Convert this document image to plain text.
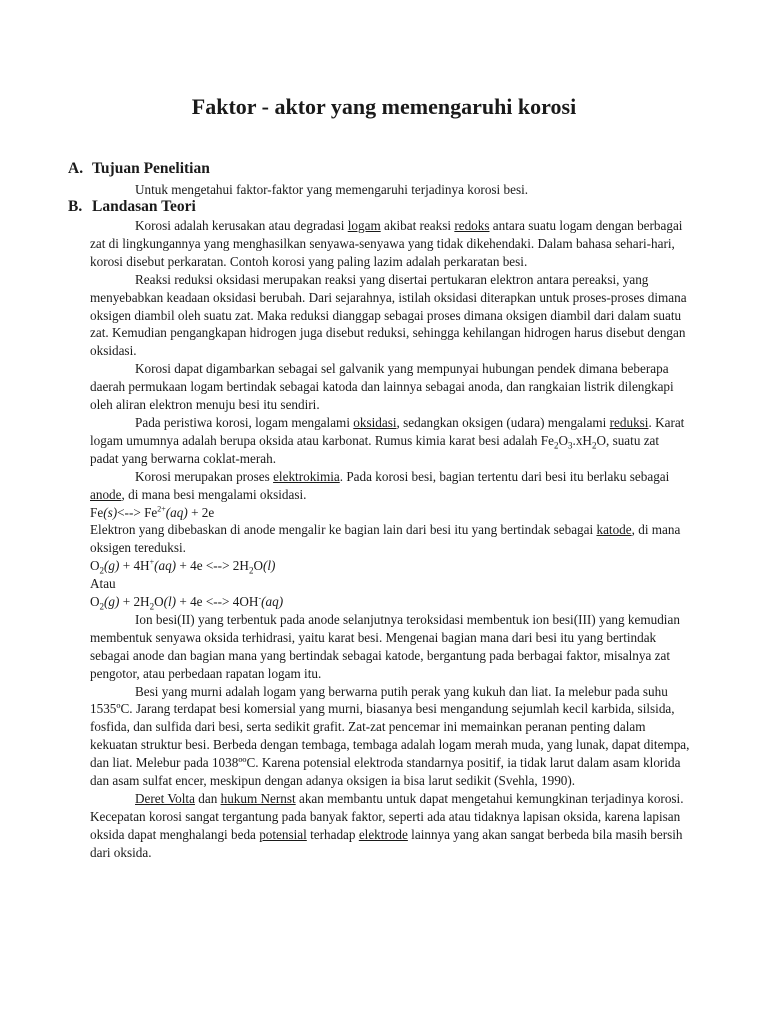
Faktor - aktor yang memengaruhi korosi
A. Tujuan Penelitian

Untuk mengetahui faktor-faktor yang memengaruhi terjadinya korosi besi.

B. Landasan Teori

Korosi adalah kerusakan atau degradasi logam akibat reaksi redoks antara suatu logam dengan berbagai zat di lingkungannya yang menghasilkan senyawa-senyawa yang tidak dikehendaki. Dalam bahasa sehari-hari, korosi disebut perkaratan. Contoh korosi yang paling lazim adalah perkaratan besi.

Reaksi reduksi oksidasi merupakan reaksi yang disertai pertukaran elektron antara pereaksi, yang menyebabkan keadaan oksidasi berubah. Dari sejarahnya, istilah oksidasi diterapkan untuk proses-proses dimana oksigen diambil oleh suatu zat. Maka reduksi dianggap sebagai proses dimana oksigen diambil dari dalam suatu zat. Kemudian pengangkapan hidrogen juga disebut reduksi, sehingga kehilangan hidrogen harus disebut dengan oksidasi.

Korosi dapat digambarkan sebagai sel galvanik yang mempunyai hubungan pendek dimana beberapa daerah permukaan logam bertindak sebagai katoda dan lainnya sebagai anoda, dan rangkaian listrik dilengkapi oleh aliran elektron menuju besi itu sendiri.

Pada peristiwa korosi, logam mengalami oksidasi, sedangkan oksigen (udara) mengalami reduksi. Karat logam umumnya adalah berupa oksida atau karbonat. Rumus kimia karat besi adalah $Fe_2O_3.xH_2O$, suatu zat padat yang berwarna coklat-merah.

Korosi merupakan proses elektrokimia. Pada korosi besi, bagian tertentu dari besi itu berlaku sebagai anode, di mana besi mengalami oksidasi.

$Fe(s)<--> Fe^{2+}(aq) + 2e$

Elektron yang dibebaskan di anode mengalir ke bagian lain dari besi itu yang bertindak sebagai katode, di mana oksigen tereduksi.

$O_2(g) + 4H^+(aq) + 4e$ <--> $2H_2O(l)$

Atau

$O_2(g) + 2H_2O(l) + 4e$ <--> 4OH-(aq)

Ion besi(II) yang terbentuk pada anode selanjutnya teroksidasi membentuk ion besi(III) yang kemudian membentuk senyawa oksida terhidrasi, yaitu karat besi. Mengenai bagian mana dari besi itu yang bertindak sebagai anode dan bagian mana yang bertindak sebagai katode, bergantung pada berbagai faktor, misalnya zat pengotor, atau perbedaan rapatan logam itu.

Besi yang murni adalah logam yang berwarna putih perak yang kukuh dan liat. Ia melebur pada suhu 1535ºC. Jarang terdapat besi komersial yang murni, biasanya besi mengandung sejumlah kecil karbida, silsida, fosfida, dan sulfida dari besi, serta sedikit grafit. Zat-zat pencemar ini memainkan peranan penting dalam kekuatan struktur besi. Berbeda dengan tembaga, tembaga adalah logam merah muda, yang lunak, dapat ditempa, dan liat. Melebur pada 1038ººC. Karena potensial elektroda standarnya positif, ia tidak larut dalam asam klorida dan asam sulfat encer, meskipun dengan adanya oksigen ia bisa larut sedikit (Svehla, 1990).

Deret Volta dan hukum Nernst akan membantu untuk dapat mengetahui kemungkinan terjadinya korosi. Kecepatan korosi sangat tergantung pada banyak faktor, seperti ada atau tidaknya lapisan oksida, karena lapisan oksida dapat menghalangi beda potensial terhadap elektrode lainnya yang akan sangat berbeda bila masih bersih dari oksida.
